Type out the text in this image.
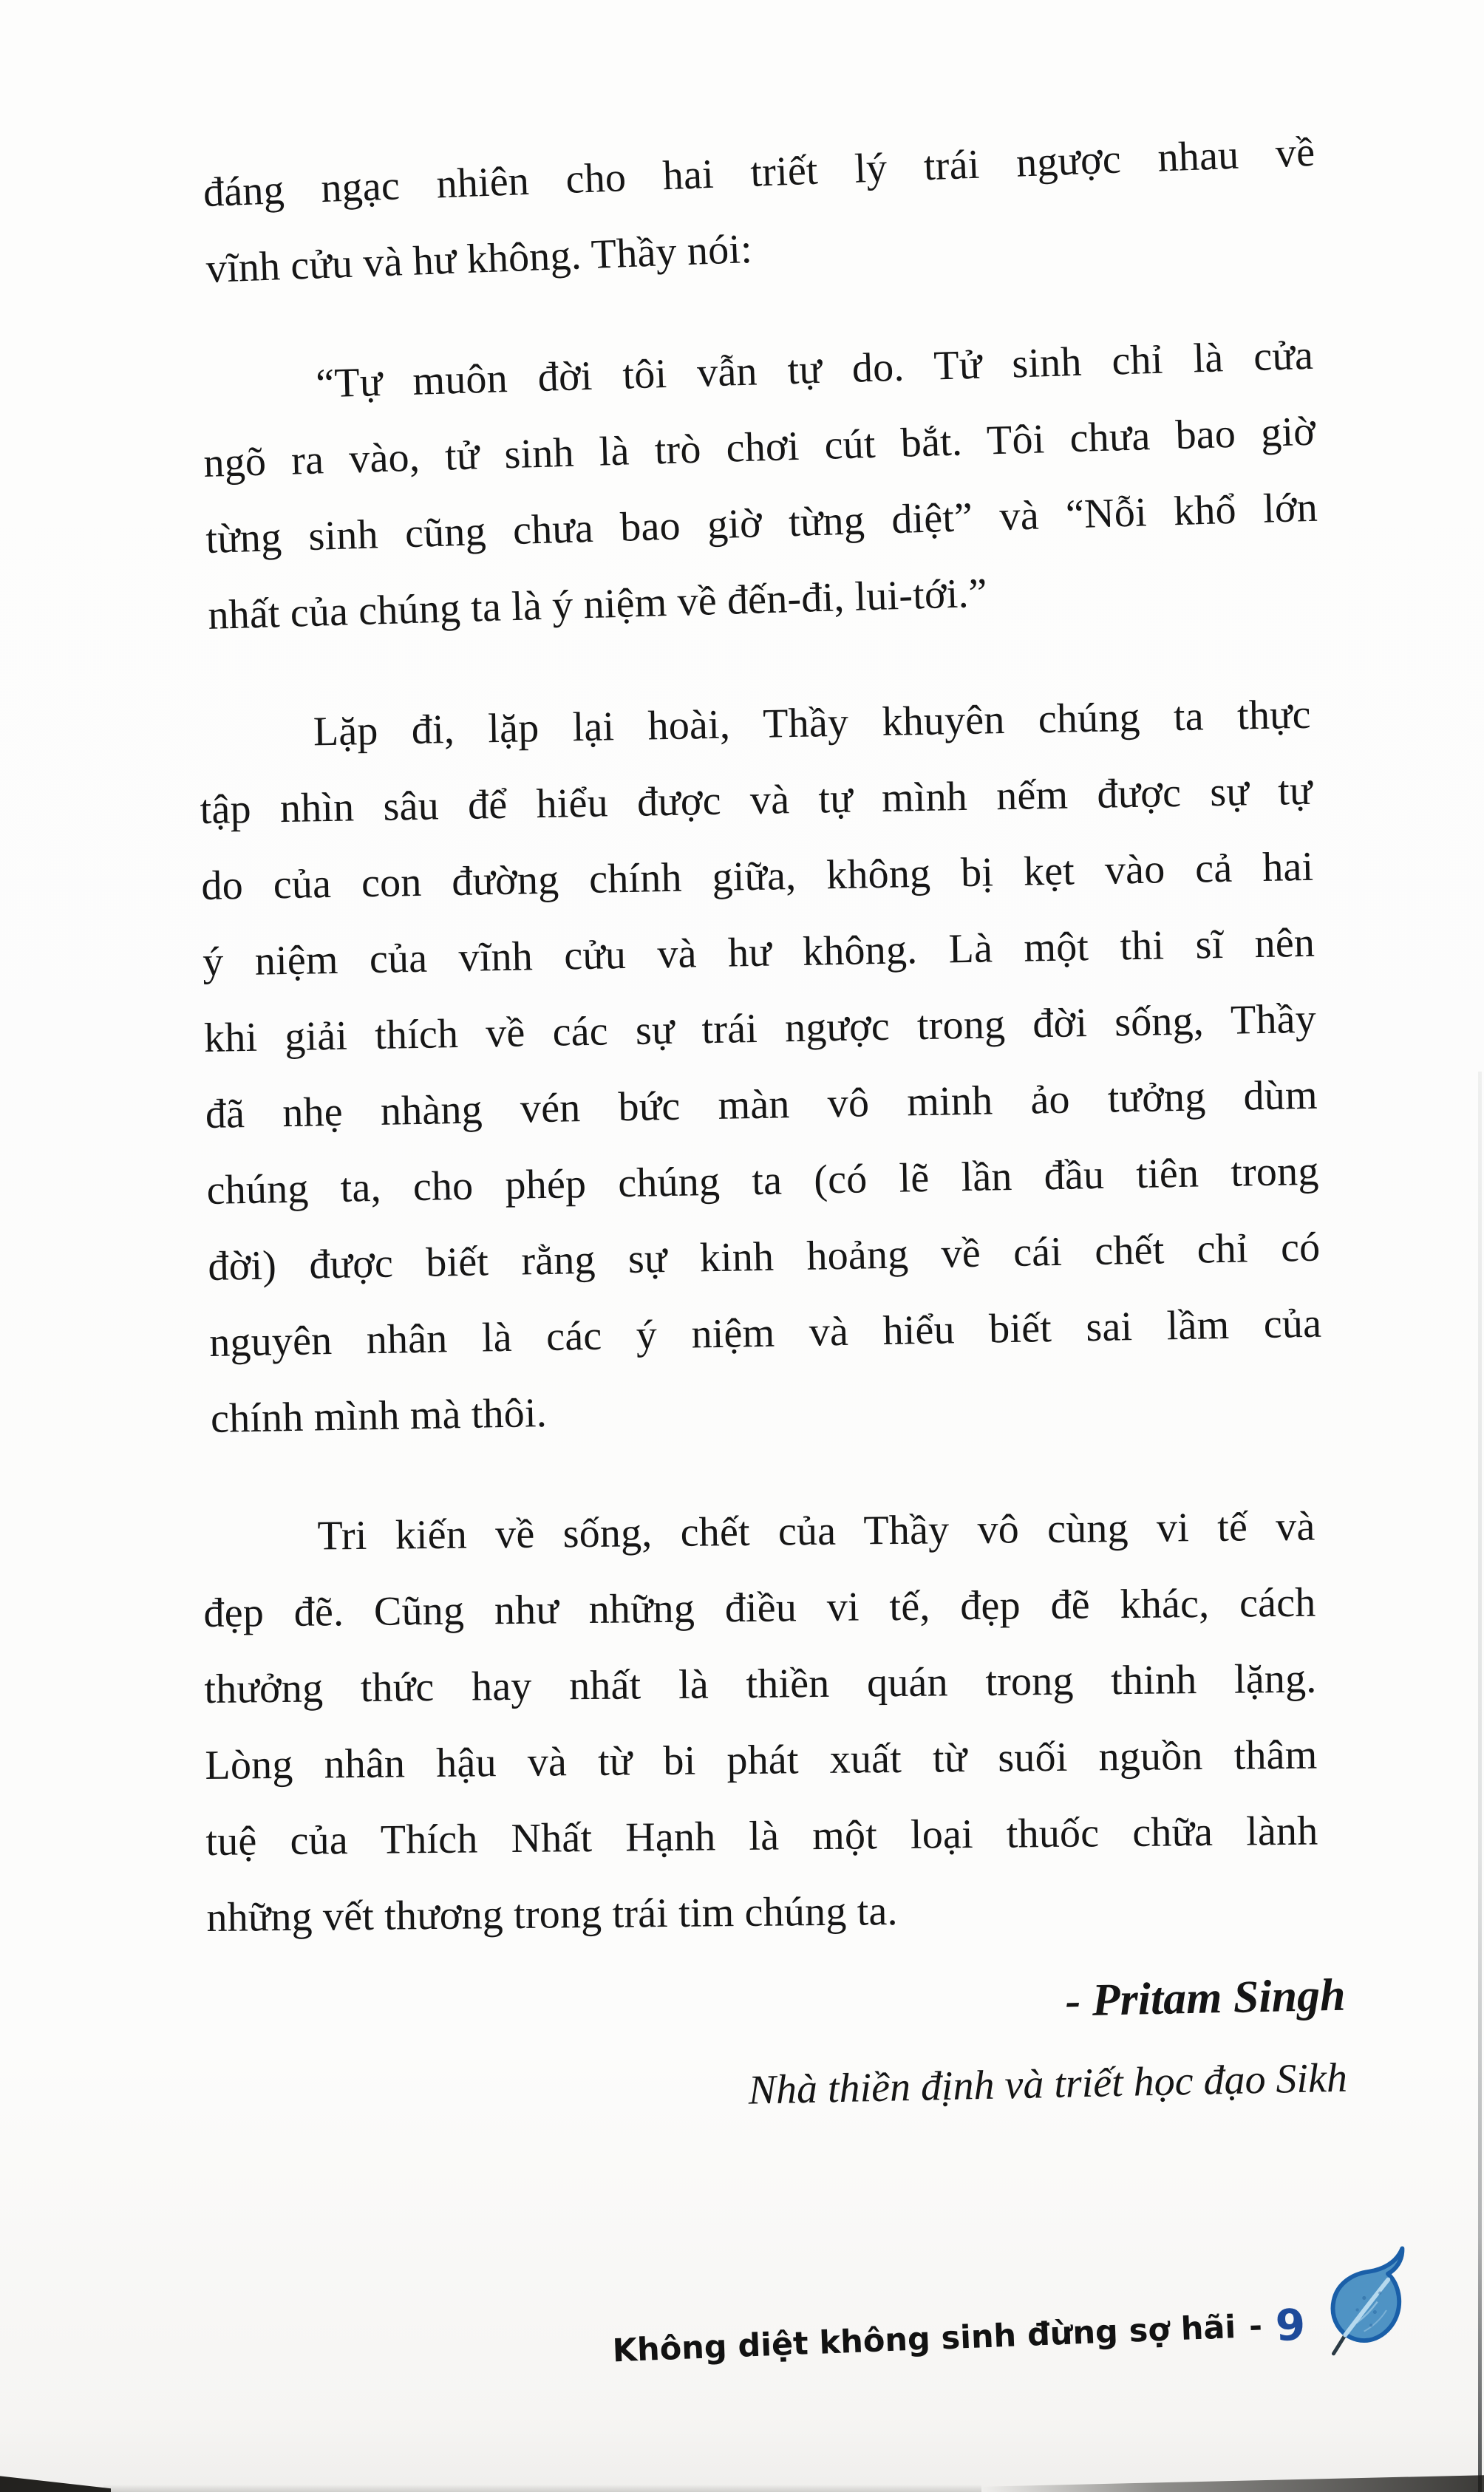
đáng ngạc nhiên cho hai triết lý trái ngược nhau về
vĩnh cửu và hư không. Thầy nói:

“Tự muôn đời tôi vẫn tự do. Tử sinh chỉ là cửa
ngõ ra vào, tử sinh là trò chơi cút bắt. Tôi chưa bao giờ
từng sinh cũng chưa bao giờ từng diệt” và “Nỗi khổ lớn
nhất của chúng ta là ý niệm về đến-đi, lui-tới.”

Lặp đi, lặp lại hoài, Thầy khuyên chúng ta thực
tập nhìn sâu để hiểu được và tự mình nếm được sự tự
do của con đường chính giữa, không bị kẹt vào cả hai
ý niệm của vĩnh cửu và hư không. Là một thi sĩ nên
khi giải thích về các sự trái ngược trong đời sống, Thầy
đã nhẹ nhàng vén bức màn vô minh ảo tưởng dùm
chúng ta, cho phép chúng ta (có lẽ lần đầu tiên trong
đời) được biết rằng sự kinh hoảng về cái chết chỉ có
nguyên nhân là các ý niệm và hiểu biết sai lầm của
chính mình mà thôi.

Tri kiến về sống, chết của Thầy vô cùng vi tế và
đẹp đẽ. Cũng như những điều vi tế, đẹp đẽ khác, cách
thưởng thức hay nhất là thiền quán trong thinh lặng.
Lòng nhân hậu và từ bi phát xuất từ suối nguồn thâm
tuệ của Thích Nhất Hạnh là một loại thuốc chữa lành
những vết thương trong trái tim chúng ta.

- Pritam Singh
Nhà thiền định và triết học đạo Sikh
Không diệt không sinh đừng sợ hãi - 9
